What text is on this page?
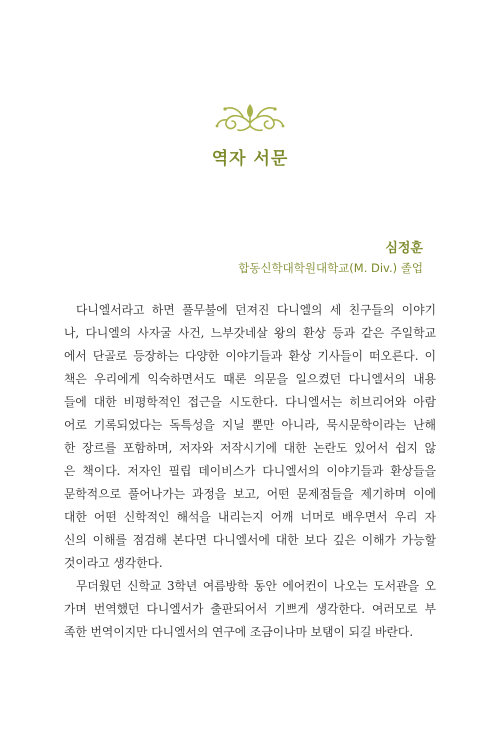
역자 서문
심정훈
합동신학대학원대학교(M. Div.) 졸업

다니엘서라고 하면 풀무불에 던져진 다니엘의 세 친구들의 이야기
나, 다니엘의 사자굴 사건, 느부갓네살 왕의 환상 등과 같은 주일학교
에서 단골로 등장하는 다양한 이야기들과 환상 기사들이 떠오른다. 이
책은 우리에게 익숙하면서도 때론 의문을 일으켰던 다니엘서의 내용
들에 대한 비평학적인 접근을 시도한다. 다니엘서는 히브리어와 아람
어로 기록되었다는 독특성을 지닐 뿐만 아니라, 묵시문학이라는 난해
한 장르를 포함하며, 저자와 저작시기에 대한 논란도 있어서 쉽지 않
은 책이다. 저자인 필립 데이비스가 다니엘서의 이야기들과 환상들을
문학적으로 풀어나가는 과정을 보고, 어떤 문제점들을 제기하며 이에
대한 어떤 신학적인 해석을 내리는지 어깨 너머로 배우면서 우리 자
신의 이해를 점검해 본다면 다니엘서에 대한 보다 깊은 이해가 가능할
것이라고 생각한다.

무더웠던 신학교 3학년 여름방학 동안 에어컨이 나오는 도서관을 오
가며 번역했던 다니엘서가 출판되어서 기쁘게 생각한다. 여러모로 부
족한 번역이지만 다니엘서의 연구에 조금이나마 보탬이 되길 바란다.
